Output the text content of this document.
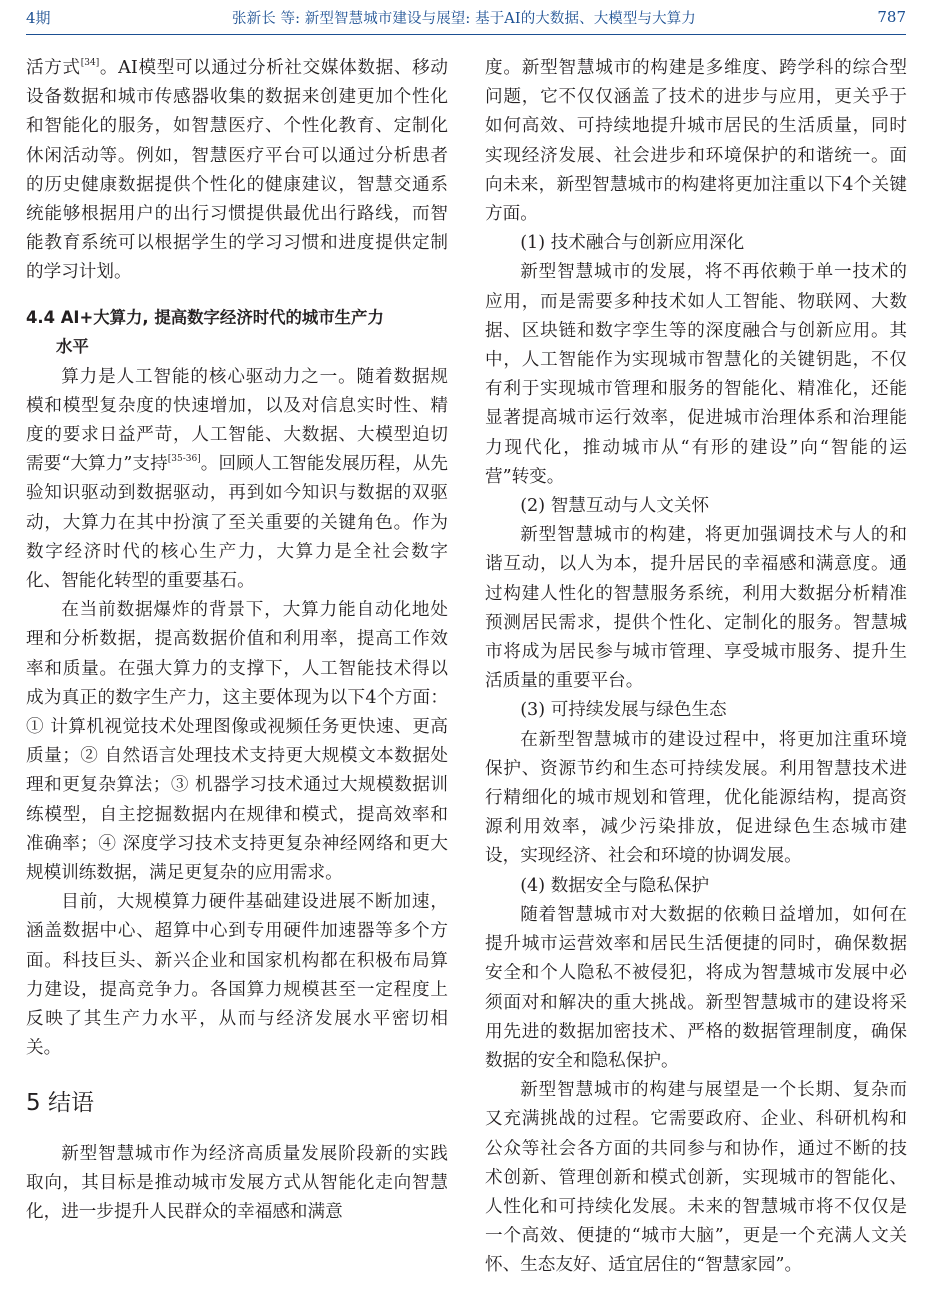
4期	张新长 等: 新型智慧城市建设与展望: 基于AI的大数据、大模型与大算力	787

活方式[34]。AI模型可以通过分析社交媒体数据、移动设备数据和城市传感器收集的数据来创建更加个性化和智能化的服务，如智慧医疗、个性化教育、定制化休闲活动等。例如，智慧医疗平台可以通过分析患者的历史健康数据提供个性化的健康建议，智慧交通系统能够根据用户的出行习惯提供最优出行路线，而智能教育系统可以根据学生的学习习惯和进度提供定制的学习计划。

4.4 AI+大算力, 提高数字经济时代的城市生产力
水平

算力是人工智能的核心驱动力之一。随着数据规模和模型复杂度的快速增加，以及对信息实时性、精度的要求日益严苛，人工智能、大数据、大模型迫切需要“大算力”支持[35-36]。回顾人工智能发展历程，从先验知识驱动到数据驱动，再到如今知识与数据的双驱动，大算力在其中扮演了至关重要的关键角色。作为数字经济时代的核心生产力，大算力是全社会数字化、智能化转型的重要基石。

在当前数据爆炸的背景下，大算力能自动化地处理和分析数据，提高数据价值和利用率，提高工作效率和质量。在强大算力的支撑下，人工智能技术得以成为真正的数字生产力，这主要体现为以下4个方面：① 计算机视觉技术处理图像或视频任务更快速、更高质量；② 自然语言处理技术支持更大规模文本数据处理和更复杂算法；③ 机器学习技术通过大规模数据训练模型，自主挖掘数据内在规律和模式，提高效率和准确率；④ 深度学习技术支持更复杂神经网络和更大规模训练数据，满足更复杂的应用需求。

目前，大规模算力硬件基础建设进展不断加速，涵盖数据中心、超算中心到专用硬件加速器等多个方面。科技巨头、新兴企业和国家机构都在积极布局算力建设，提高竞争力。各国算力规模甚至一定程度上反映了其生产力水平，从而与经济发展水平密切相关。

5 结语

新型智慧城市作为经济高质量发展阶段新的实践取向，其目标是推动城市发展方式从智能化走向智慧化，进一步提升人民群众的幸福感和满意

度。新型智慧城市的构建是多维度、跨学科的综合型问题，它不仅仅涵盖了技术的进步与应用，更关乎于如何高效、可持续地提升城市居民的生活质量，同时实现经济发展、社会进步和环境保护的和谐统一。面向未来，新型智慧城市的构建将更加注重以下4个关键方面。

(1) 技术融合与创新应用深化

新型智慧城市的发展，将不再依赖于单一技术的应用，而是需要多种技术如人工智能、物联网、大数据、区块链和数字孪生等的深度融合与创新应用。其中，人工智能作为实现城市智慧化的关键钥匙，不仅有利于实现城市管理和服务的智能化、精准化，还能显著提高城市运行效率，促进城市治理体系和治理能力现代化，推动城市从“有形的建设”向“智能的运营”转变。

(2) 智慧互动与人文关怀

新型智慧城市的构建，将更加强调技术与人的和谐互动，以人为本，提升居民的幸福感和满意度。通过构建人性化的智慧服务系统，利用大数据分析精准预测居民需求，提供个性化、定制化的服务。智慧城市将成为居民参与城市管理、享受城市服务、提升生活质量的重要平台。

(3) 可持续发展与绿色生态

在新型智慧城市的建设过程中，将更加注重环境保护、资源节约和生态可持续发展。利用智慧技术进行精细化的城市规划和管理，优化能源结构，提高资源利用效率，减少污染排放，促进绿色生态城市建设，实现经济、社会和环境的协调发展。

(4) 数据安全与隐私保护

随着智慧城市对大数据的依赖日益增加，如何在提升城市运营效率和居民生活便捷的同时，确保数据安全和个人隐私不被侵犯，将成为智慧城市发展中必须面对和解决的重大挑战。新型智慧城市的建设将采用先进的数据加密技术、严格的数据管理制度，确保数据的安全和隐私保护。

新型智慧城市的构建与展望是一个长期、复杂而又充满挑战的过程。它需要政府、企业、科研机构和公众等社会各方面的共同参与和协作，通过不断的技术创新、管理创新和模式创新，实现城市的智能化、人性化和可持续化发展。未来的智慧城市将不仅仅是一个高效、便捷的“城市大脑”，更是一个充满人文关怀、生态友好、适宜居住的“智慧家园”。
